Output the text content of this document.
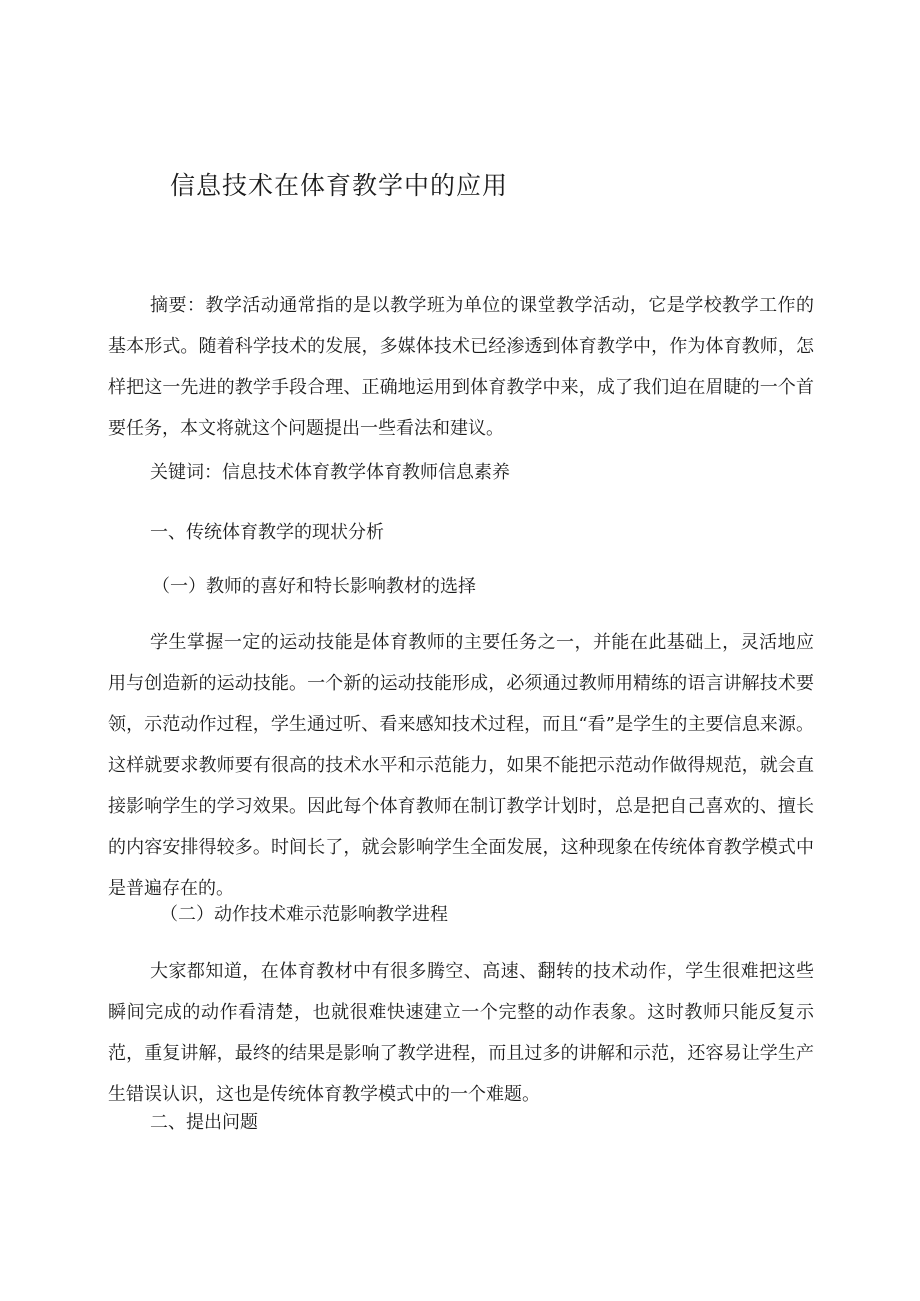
信息技术在体育教学中的应用

摘要：教学活动通常指的是以教学班为单位的课堂教学活动，它是学校教学工作的基本形式。随着科学技术的发展，多媒体技术已经渗透到体育教学中，作为体育教师，怎样把这一先进的教学手段合理、正确地运用到体育教学中来，成了我们迫在眉睫的一个首要任务，本文将就这个问题提出一些看法和建议。

关键词：信息技术体育教学体育教师信息素养
一、传统体育教学的现状分析
（一）教师的喜好和特长影响教材的选择

学生掌握一定的运动技能是体育教师的主要任务之一，并能在此基础上，灵活地应用与创造新的运动技能。一个新的运动技能形成，必须通过教师用精练的语言讲解技术要领，示范动作过程，学生通过听、看来感知技术过程，而且“看”是学生的主要信息来源。这样就要求教师要有很高的技术水平和示范能力，如果不能把示范动作做得规范，就会直接影响学生的学习效果。因此每个体育教师在制订教学计划时，总是把自己喜欢的、擅长的内容安排得较多。时间长了，就会影响学生全面发展，这种现象在传统体育教学模式中是普遍存在的。

（二）动作技术难示范影响教学进程

大家都知道，在体育教材中有很多腾空、高速、翻转的技术动作，学生很难把这些瞬间完成的动作看清楚，也就很难快速建立一个完整的动作表象。这时教师只能反复示范，重复讲解，最终的结果是影响了教学进程，而且过多的讲解和示范，还容易让学生产生错误认识，这也是传统体育教学模式中的一个难题。

二、提出问题
